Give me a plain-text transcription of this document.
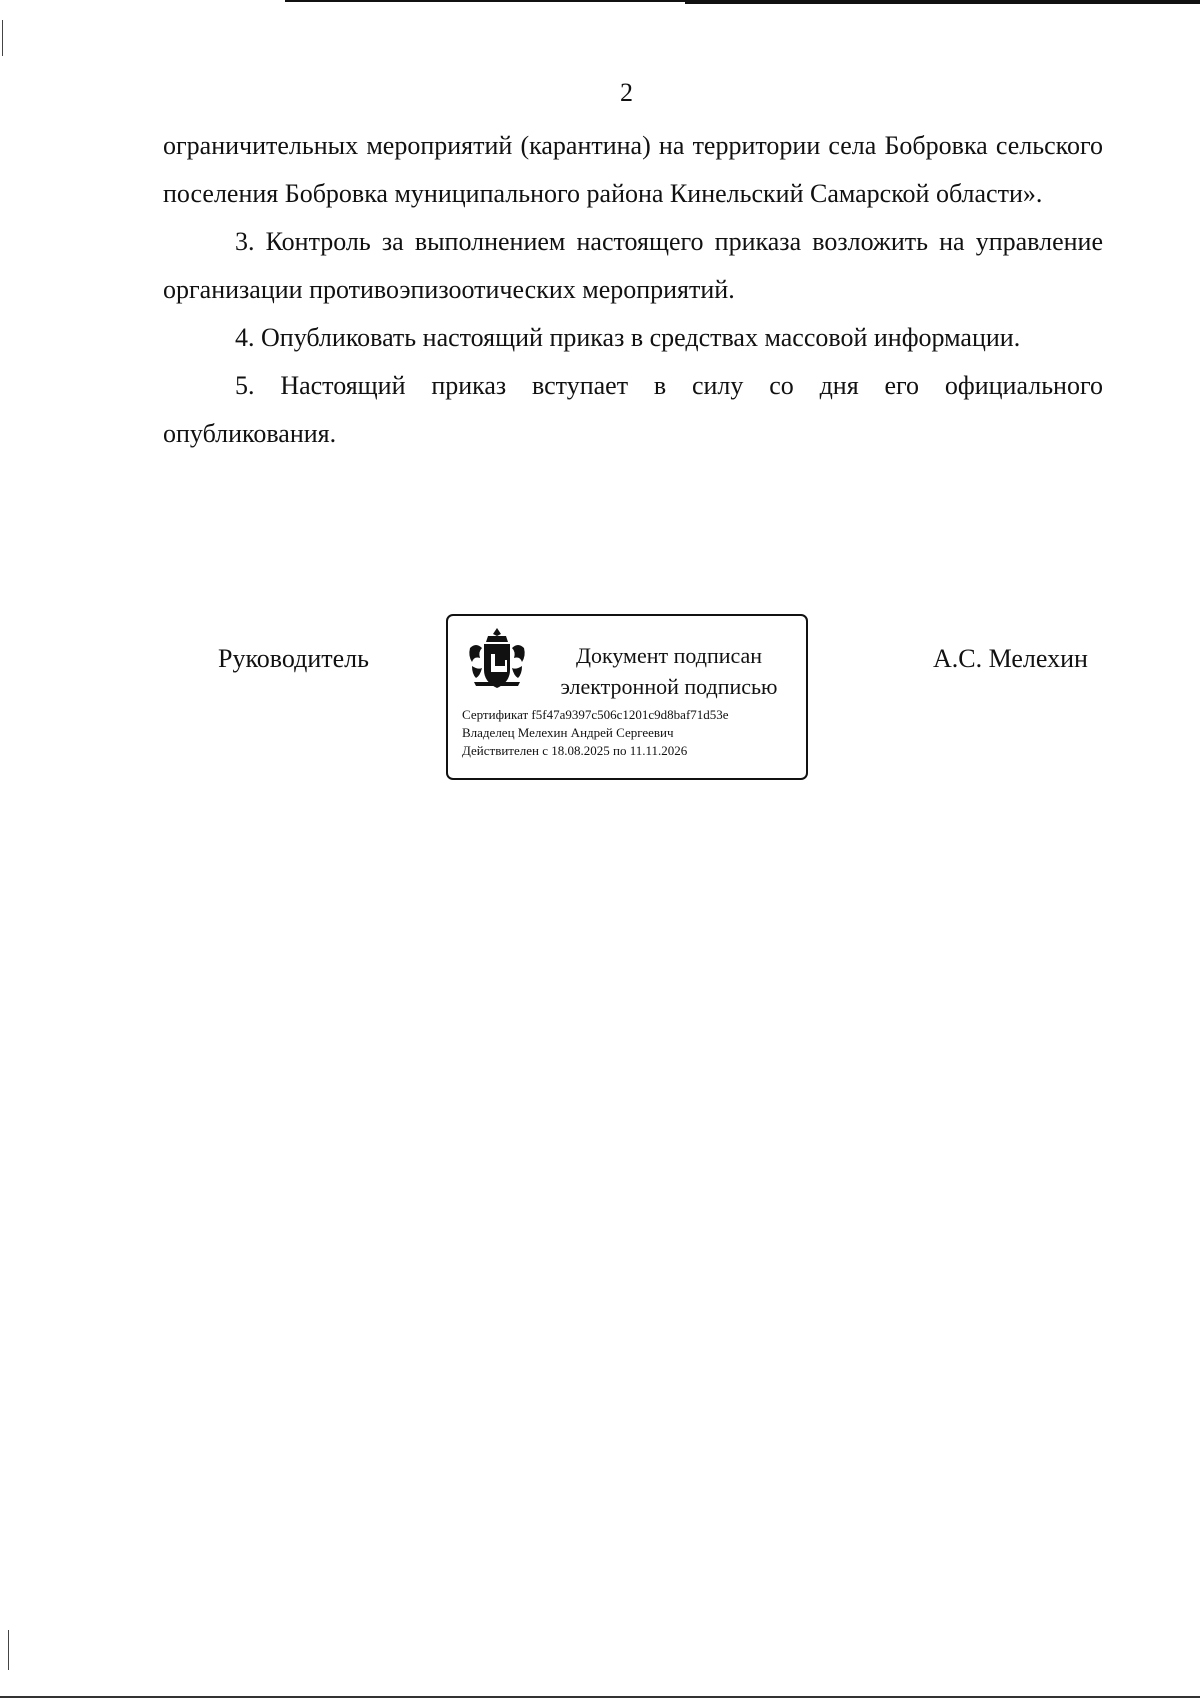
2

ограничительных мероприятий (карантина) на территории села Бобровка сельского поселения Бобровка муниципального района Кинельский Самарской области».

3. Контроль за выполнением настоящего приказа возложить на управление организации противоэпизоотических мероприятий.

4. Опубликовать настоящий приказ в средствах массовой информации.

5. Настоящий приказ вступает в силу со дня его официального опубликования.

Руководитель	Документ подписан
электронной подписью
Сертификат f5f47a9397c506c1201c9d8baf71d53e
Владелец Мелехин Андрей Сергеевич
Действителен с 18.08.2025 по 11.11.2026
А.С. Мелехин
